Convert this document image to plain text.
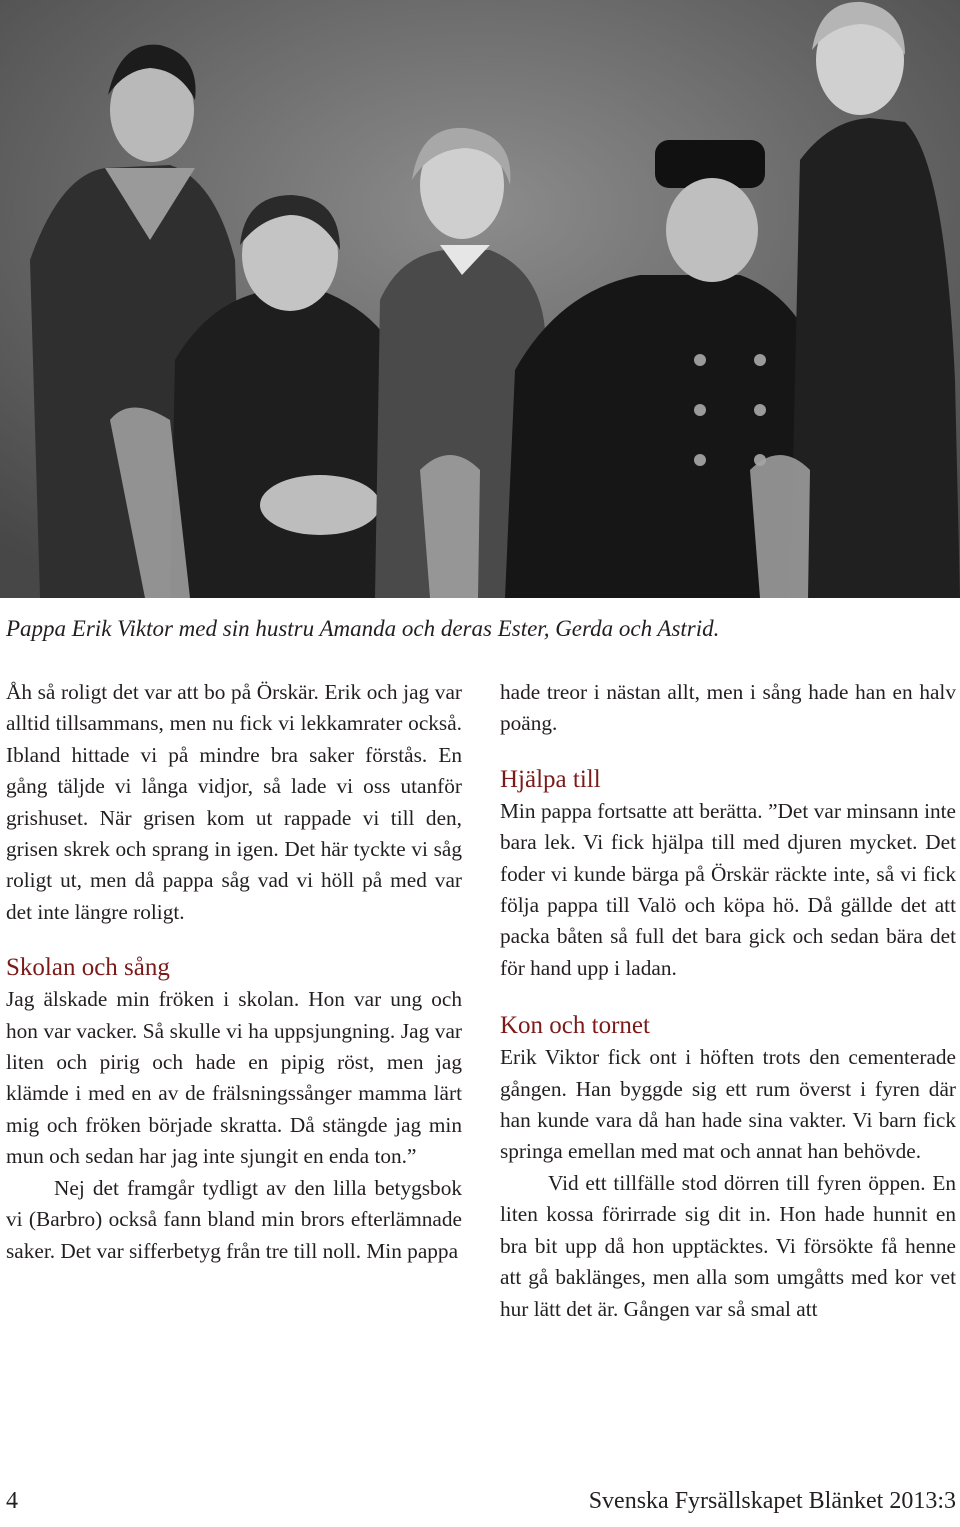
Pappa Erik Viktor med sin hustru Amanda och deras Ester, Gerda och Astrid.

Åh så roligt det var att bo på Örskär. Erik och jag var alltid tillsammans, men nu fick vi lekkamrater också. Ibland hittade vi på mindre bra saker förstås. En gång täljde vi långa vidjor, så lade vi oss utanför grishuset. När grisen kom ut rappade vi till den, grisen skrek och sprang in igen. Det här tyckte vi såg roligt ut, men då pappa såg vad vi höll på med var det inte längre roligt.

Skolan och sång

Jag älskade min fröken i skolan. Hon var ung och hon var vacker. Så skulle vi ha uppsjungning. Jag var liten och pirig och hade en pipig röst, men jag klämde i med en av de frälsningssånger mamma lärt mig och fröken började skratta. Då stängde jag min mun och sedan har jag inte sjungit en enda ton.”

Nej det framgår tydligt av den lilla betygsbok vi (Barbro) också fann bland min brors efterlämnade saker. Det var sifferbetyg från tre till noll. Min pappa

hade treor i nästan allt, men i sång hade han en halv poäng.

Hjälpa till

Min pappa fortsatte att berätta. ”Det var minsann inte bara lek. Vi fick hjälpa till med djuren mycket. Det foder vi kunde bärga på Örskär räckte inte, så vi fick följa pappa till Valö och köpa hö. Då gällde det att packa båten så full det bara gick och sedan bära det för hand upp i ladan.

Kon och tornet

Erik Viktor fick ont i höften trots den cementerade gången. Han byggde sig ett rum överst i fyren där han kunde vara då han hade sina vakter. Vi barn fick springa emellan med mat och annat han behövde.

Vid ett tillfälle stod dörren till fyren öppen. En liten kossa förirrade sig dit in. Hon hade hunnit en bra bit upp då hon upptäcktes. Vi försökte få henne att gå baklänges, men alla som umgåtts med kor vet hur lätt det är. Gången var så smal att

4	Svenska Fyrsällskapet Blänket 2013:3
